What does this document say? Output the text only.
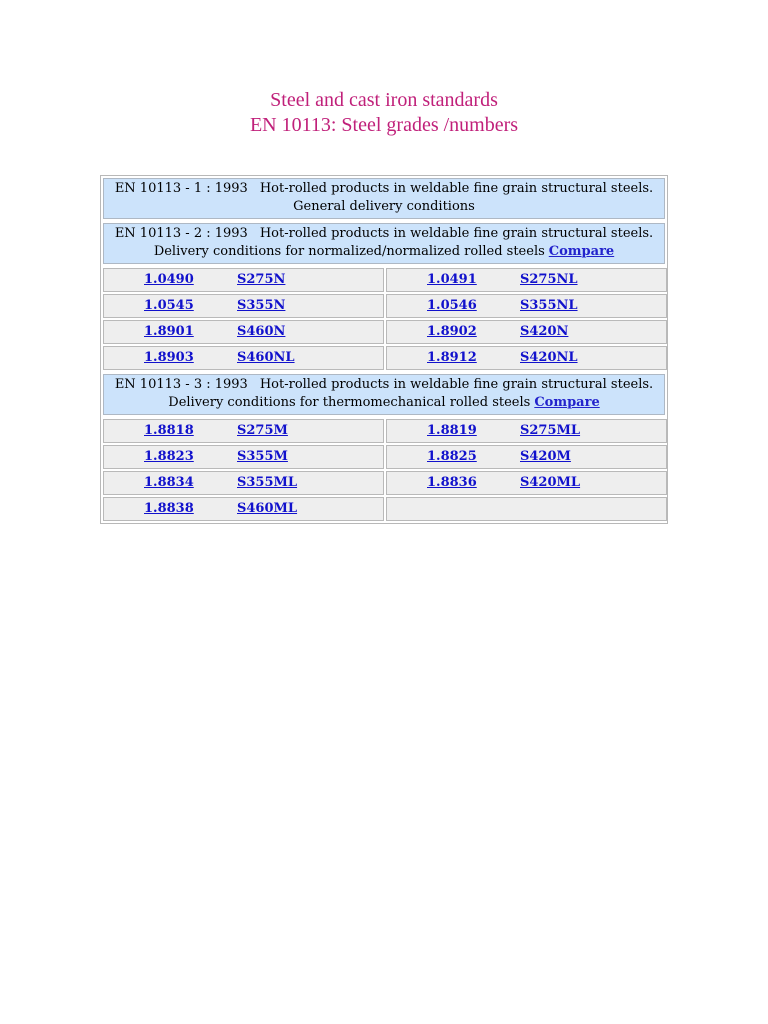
Steel and cast iron standards
EN 10113: Steel grades /numbers
EN 10113 - 1 : 1993 Hot-rolled products in weldable fine grain structural steels.
General delivery conditions
EN 10113 - 2 : 1993 Hot-rolled products in weldable fine grain structural steels.
Delivery conditions for normalized/normalized rolled steels Compare
1.0490	S275N	1.0491	S275NL
1.0545	S355N	1.0546	S355NL
1.8901	S460N	1.8902	S420N
1.8903	S460NL	1.8912	S420NL
EN 10113 - 3 : 1993 Hot-rolled products in weldable fine grain structural steels.
Delivery conditions for thermomechanical rolled steels Compare
1.8818	S275M	1.8819	S275ML
1.8823	S355M	1.8825	S420M
1.8834	S355ML	1.8836	S420ML
1.8838	S460ML
